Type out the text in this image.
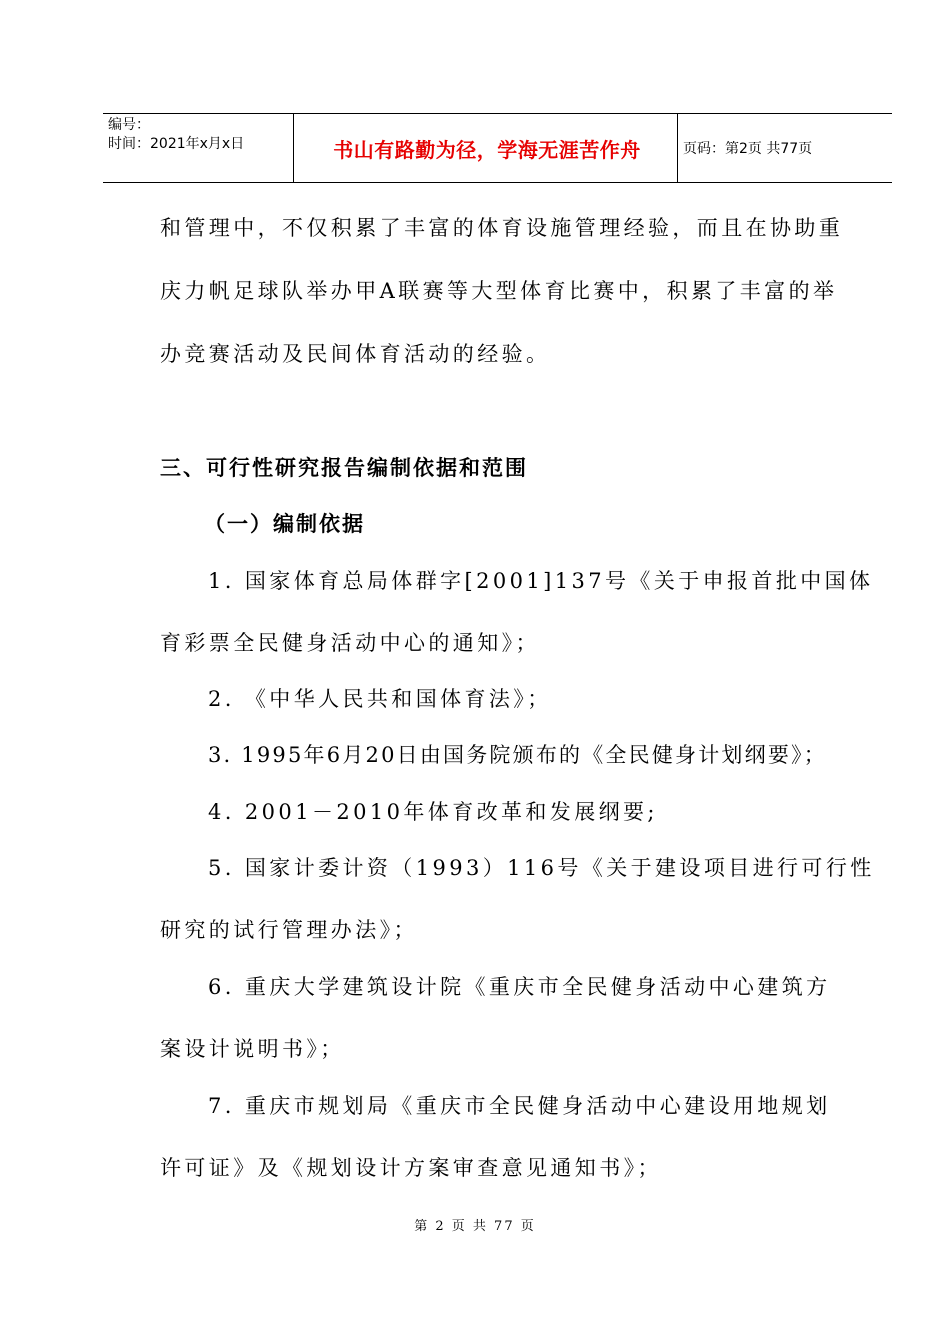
编号：
时间：2021年x月x日	书山有路勤为径，学海无涯苦作舟	页码：第2页 共77页
和管理中，不仅积累了丰富的体育设施管理经验，而且在协助重
庆力帆足球队举办甲A联赛等大型体育比赛中，积累了丰富的举
办竞赛活动及民间体育活动的经验。
三、可行性研究报告编制依据和范围
（一）编制依据
1. 国家体育总局体群字[2001]137号《关于申报首批中国体
育彩票全民健身活动中心的通知》；
2. 《中华人民共和国体育法》；
3. 1995年6月20日由国务院颁布的《全民健身计划纲要》；
4. 2001－2010年体育改革和发展纲要;
5. 国家计委计资（1993）116号《关于建设项目进行可行性
研究的试行管理办法》；
6. 重庆大学建筑设计院《重庆市全民健身活动中心建筑方
案设计说明书》；
7. 重庆市规划局《重庆市全民健身活动中心建设用地规划
许可证》及《规划设计方案审查意见通知书》；
第 2 页 共 77 页
